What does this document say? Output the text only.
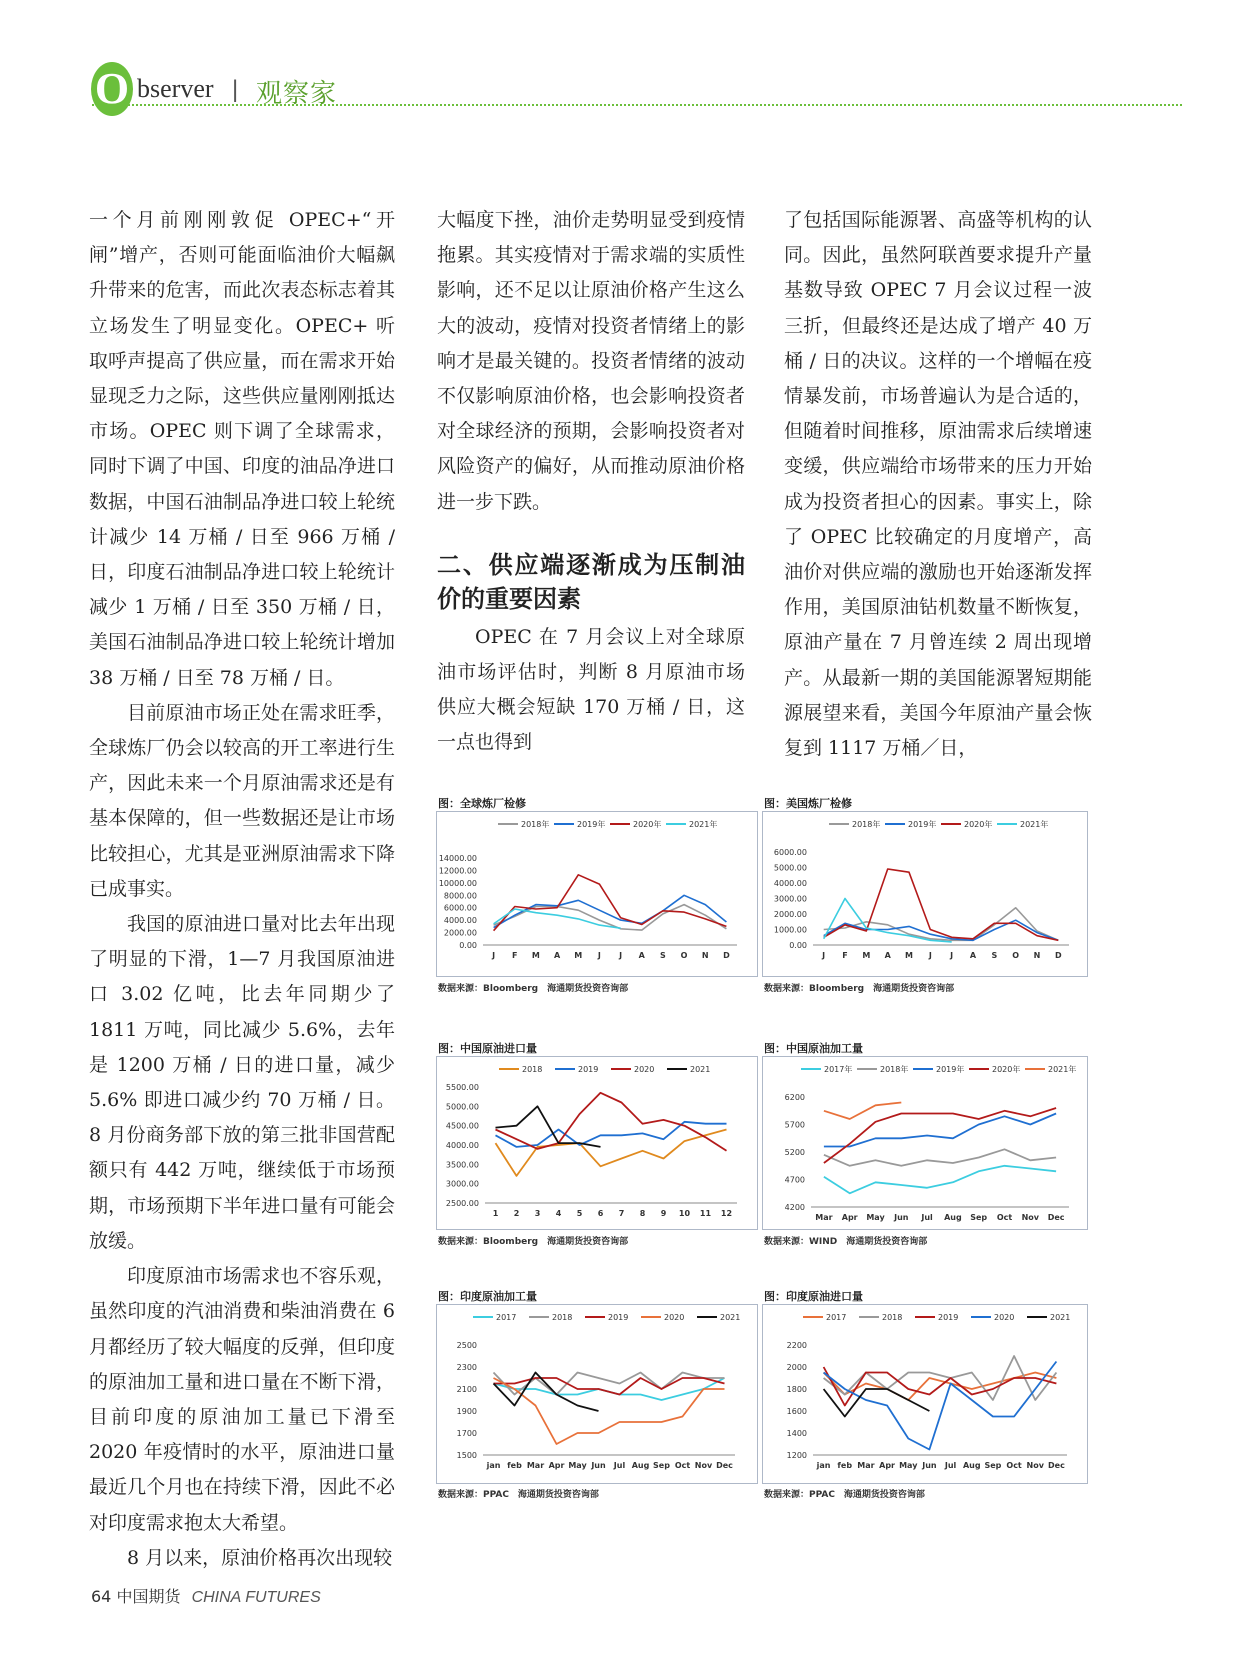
O bserver | 观察家

一个月前刚刚敦促 OPEC+“开闸”增产，否则可能面临油价大幅飙升带来的危害，而此次表态标志着其立场发生了明显变化。OPEC+ 听取呼声提高了供应量，而在需求开始显现乏力之际，这些供应量刚刚抵达市场。OPEC 则下调了全球需求，同时下调了中国、印度的油品净进口数据，中国石油制品净进口较上轮统计减少 14 万桶 / 日至 966 万桶 / 日，印度石油制品净进口较上轮统计减少 1 万桶 / 日至 350 万桶 / 日，美国石油制品净进口较上轮统计增加 38 万桶 / 日至 78 万桶 / 日。

目前原油市场正处在需求旺季，全球炼厂仍会以较高的开工率进行生产，因此未来一个月原油需求还是有基本保障的，但一些数据还是让市场比较担心，尤其是亚洲原油需求下降已成事实。

我国的原油进口量对比去年出现了明显的下滑，1—7 月我国原油进口 3.02 亿吨，比去年同期少了 1811 万吨，同比减少 5.6%，去年是 1200 万桶 / 日的进口量，减少 5.6% 即进口减少约 70 万桶 / 日。8 月份商务部下放的第三批非国营配额只有 442 万吨，继续低于市场预期，市场预期下半年进口量有可能会放缓。

印度原油市场需求也不容乐观，虽然印度的汽油消费和柴油消费在 6 月都经历了较大幅度的反弹，但印度的原油加工量和进口量在不断下滑，目前印度的原油加工量已下滑至 2020 年疫情时的水平，原油进口量最近几个月也在持续下滑，因此不必对印度需求抱太大希望。

8 月以来，原油价格再次出现较

大幅度下挫，油价走势明显受到疫情拖累。其实疫情对于需求端的实质性影响，还不足以让原油价格产生这么大的波动，疫情对投资者情绪上的影响才是最关键的。投资者情绪的波动不仅影响原油价格，也会影响投资者对全球经济的预期，会影响投资者对风险资产的偏好，从而推动原油价格进一步下跌。

二、供应端逐渐成为压制油价的重要因素

OPEC 在 7 月会议上对全球原油市场评估时，判断 8 月原油市场供应大概会短缺 170 万桶 / 日，这一点也得到

了包括国际能源署、高盛等机构的认同。因此，虽然阿联酋要求提升产量基数导致 OPEC 7 月会议过程一波三折，但最终还是达成了增产 40 万桶 / 日的决议。这样的一个增幅在疫情暴发前，市场普遍认为是合适的，但随着时间推移，原油需求后续增速变缓，供应端给市场带来的压力开始成为投资者担心的因素。事实上，除了 OPEC 比较确定的月度增产，高油价对供应端的激励也开始逐渐发挥作用，美国原油钻机数量不断恢复，原油产量在 7 月曾连续 2 周出现增产。从最新一期的美国能源署短期能源展望来看，美国今年原油产量会恢复到 1117 万桶／日，

图：全球炼厂检修
14000.00
12000.00
10000.00
8000.00
6000.00
4000.00
2000.00
0.00
J F M A M J J A S O N D
2018年	2019年	2020年	2021年
数据来源：Bloomberg　海通期货投资咨询部
图：美国炼厂检修
6000.00
5000.00
4000.00
3000.00
2000.00
1000.00
0.00
J F M A M J J A S O N D
2018年	2019年	2020年	2021年
数据来源：Bloomberg　海通期货投资咨询部
图：中国原油进口量
5500.00
5000.00
4500.00
4000.00
3500.00
3000.00
2500.00
1 2 3 4 5 6 7 8 9 10 11 12
2018	2019	2020	2021
数据来源：Bloomberg　海通期货投资咨询部
图：中国原油加工量
6200
5700
5200
4700
4200
Mar Apr May Jun Jul Aug Sep Oct Nov Dec
2017年	2018年	2019年	2020年	2021年
数据来源：WIND　海通期货投资咨询部
图：印度原油加工量
2500
2300
2100
1900
1700
1500
jan feb Mar Apr May Jun Jul Aug Sep Oct Nov Dec
2017	2018	2019	2020	2021
数据来源：PPAC　海通期货投资咨询部
图：印度原油进口量
2200
2000
1800
1600
1400
1200
jan feb Mar Apr May Jun Jul Aug Sep Oct Nov Dec
2017	2018	2019	2020	2021
数据来源：PPAC　海通期货投资咨询部
64 中国期货 CHINA FUTURES
